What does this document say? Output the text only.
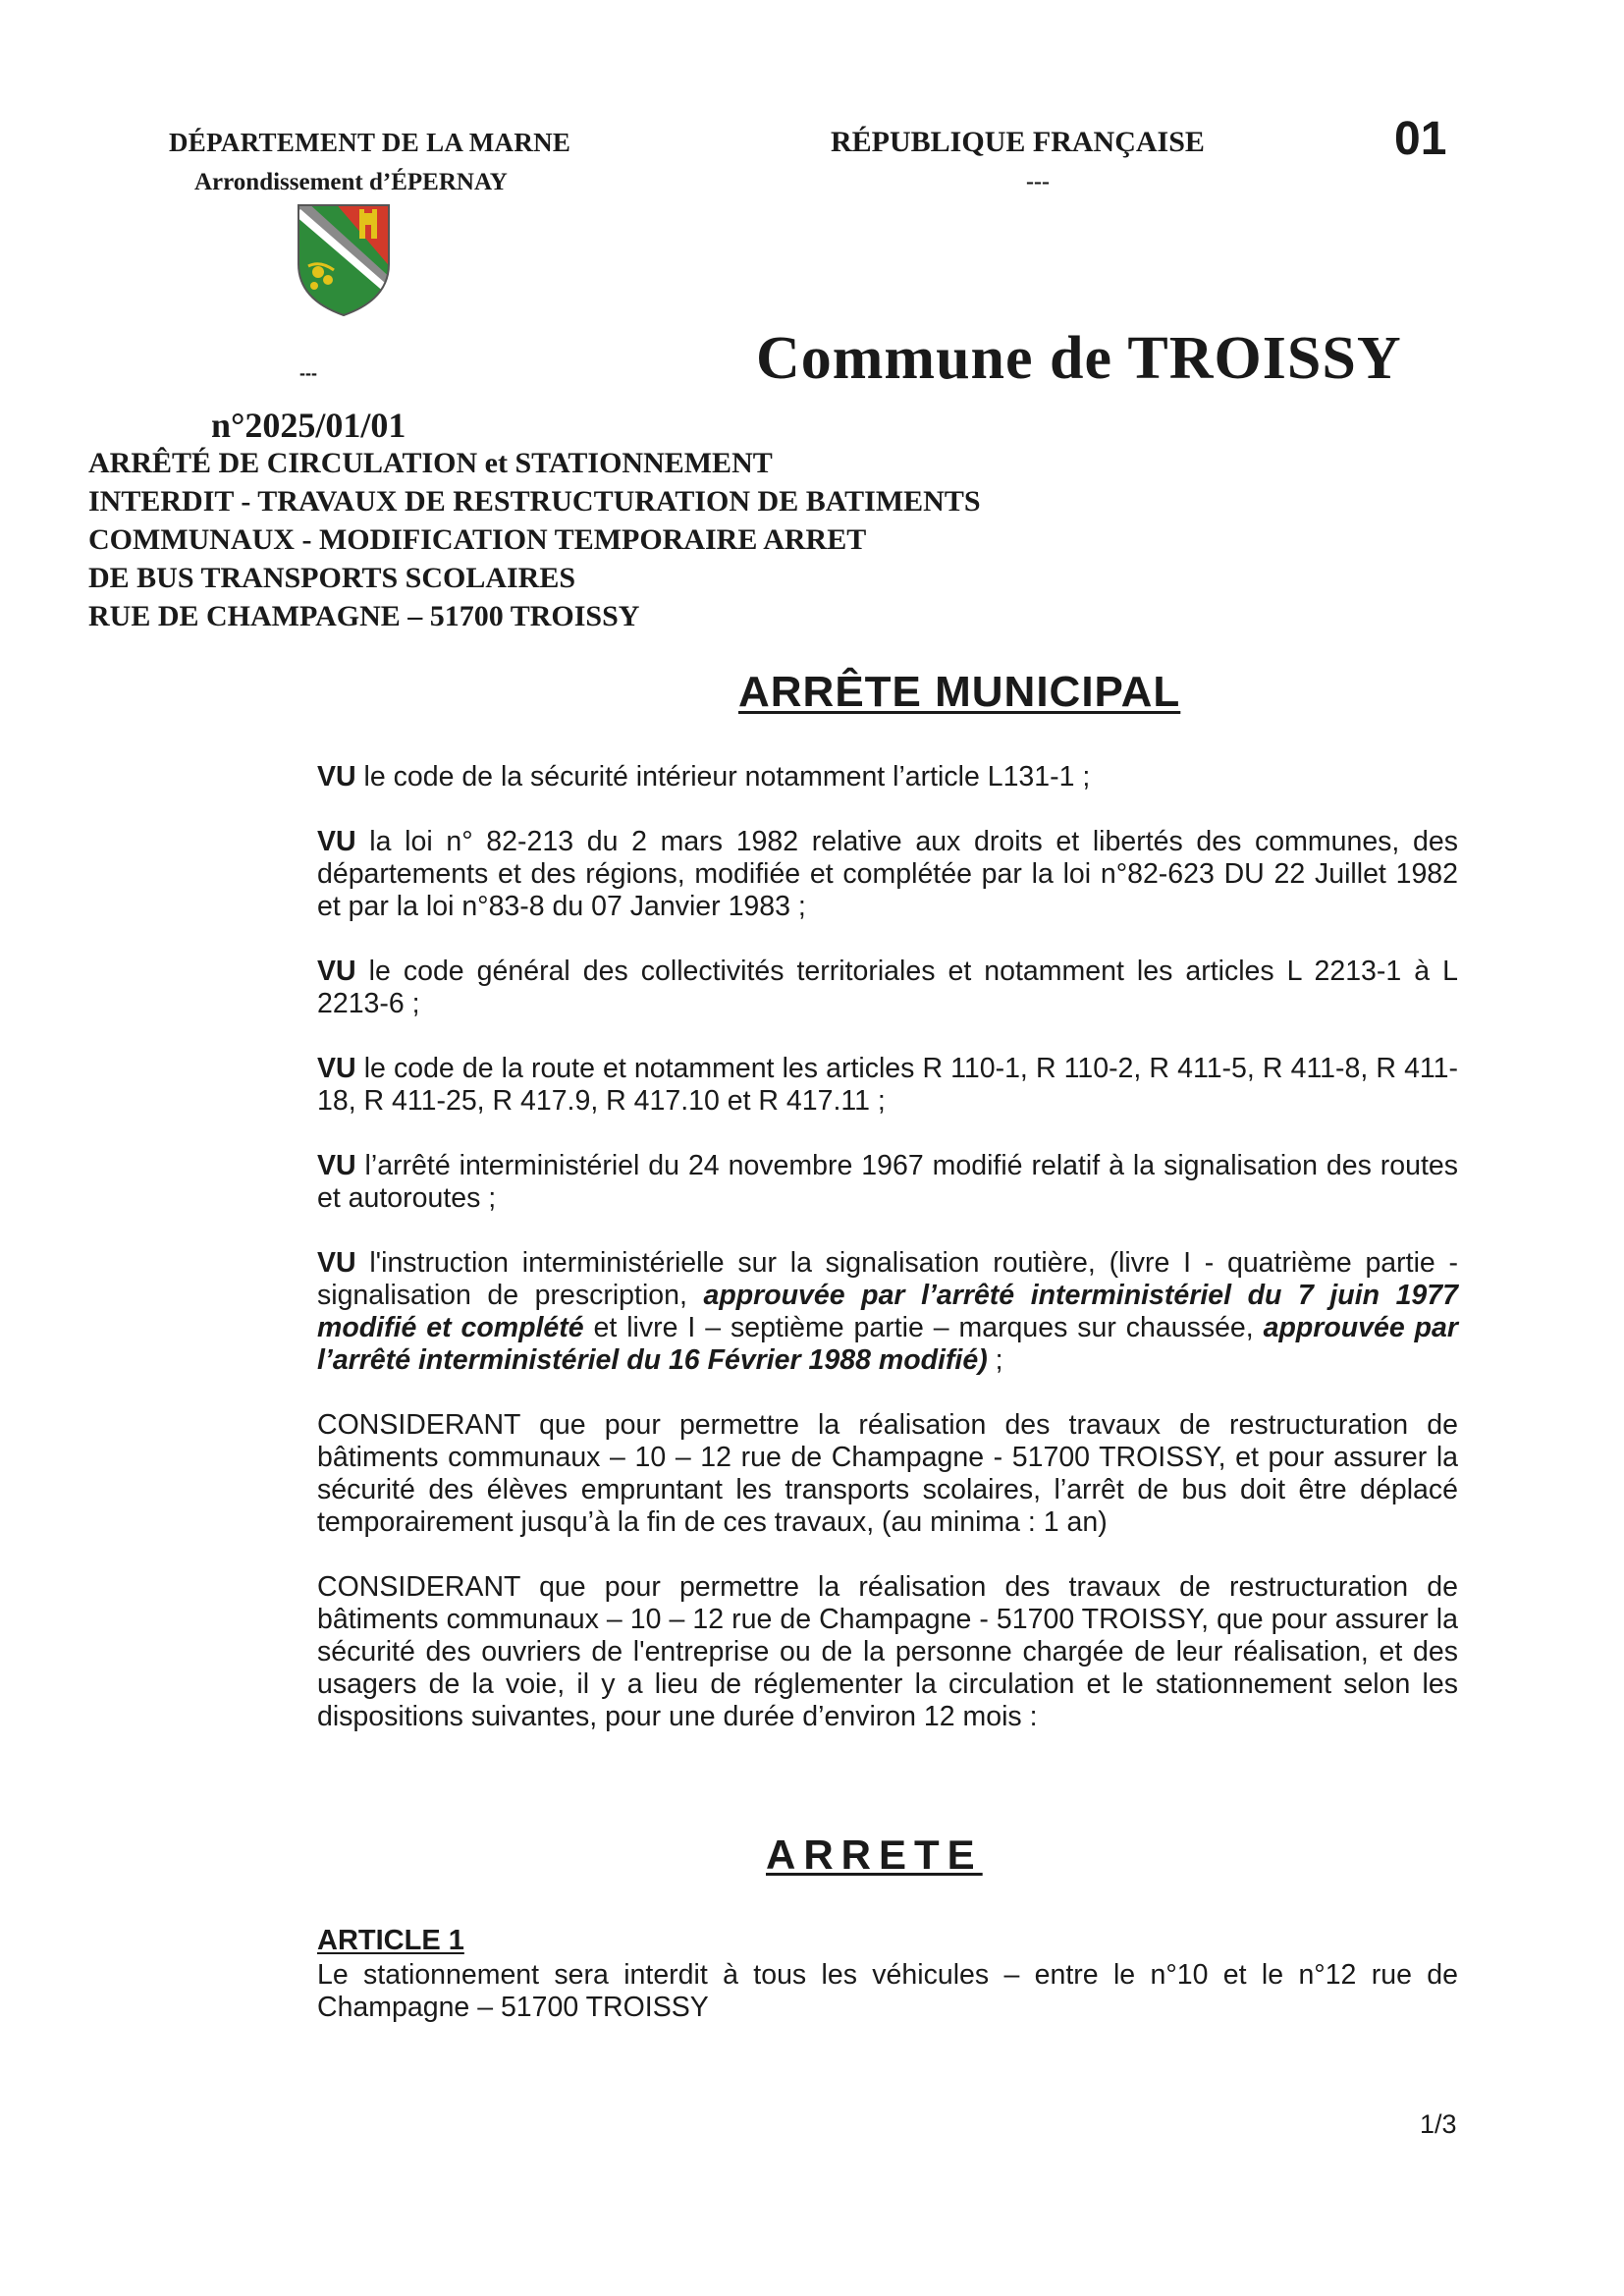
DÉPARTEMENT DE LA MARNE
Arrondissement d’ÉPERNAY
RÉPUBLIQUE FRANÇAISE
---
01
---	Commune de TROISSY
n°2025/01/01
ARRÊTÉ DE CIRCULATION et STATIONNEMENT
INTERDIT - TRAVAUX DE RESTRUCTURATION DE BATIMENTS
COMMUNAUX - MODIFICATION TEMPORAIRE ARRET
DE BUS TRANSPORTS SCOLAIRES
RUE DE CHAMPAGNE – 51700 TROISSY
ARRÊTE MUNICIPAL
VU le code de la sécurité intérieur notamment l’article L131-1 ;
VU la loi n° 82-213 du 2 mars 1982 relative aux droits et libertés des communes, des départements et des régions, modifiée et complétée par la loi n°82-623 DU 22 Juillet 1982 et par la loi n°83-8 du 07 Janvier 1983 ;
VU le code général des collectivités territoriales et notamment les articles L 2213-1 à L 2213-6 ;
VU le code de la route et notamment les articles R 110-1, R 110-2, R 411-5, R 411-8, R 411-18, R 411-25, R 417.9, R 417.10 et R 417.11 ;
VU l’arrêté interministériel du 24 novembre 1967 modifié relatif à la signalisation des routes et autoroutes ;
VU l'instruction interministérielle sur la signalisation routière, (livre I - quatrième partie - signalisation de prescription, approuvée par l’arrêté interministériel du 7 juin 1977 modifié et complété et livre I – septième partie – marques sur chaussée, approuvée par l’arrêté interministériel du 16 Février 1988 modifié) ;
CONSIDERANT que pour permettre la réalisation des travaux de restructuration de bâtiments communaux – 10 – 12 rue de Champagne - 51700 TROISSY, et pour assurer la sécurité des élèves empruntant les transports scolaires, l’arrêt de bus doit être déplacé temporairement jusqu’à la fin de ces travaux, (au minima : 1 an)
CONSIDERANT que pour permettre la réalisation des travaux de restructuration de bâtiments communaux – 10 – 12 rue de Champagne - 51700 TROISSY, que pour assurer la sécurité des ouvriers de l'entreprise ou de la personne chargée de leur réalisation, et des usagers de la voie, il y a lieu de réglementer la circulation et le stationnement selon les dispositions suivantes, pour une durée d’environ 12 mois :
ARRETE
ARTICLE 1
Le stationnement sera interdit à tous les véhicules – entre le n°10 et le n°12 rue de Champagne – 51700 TROISSY
1/3
